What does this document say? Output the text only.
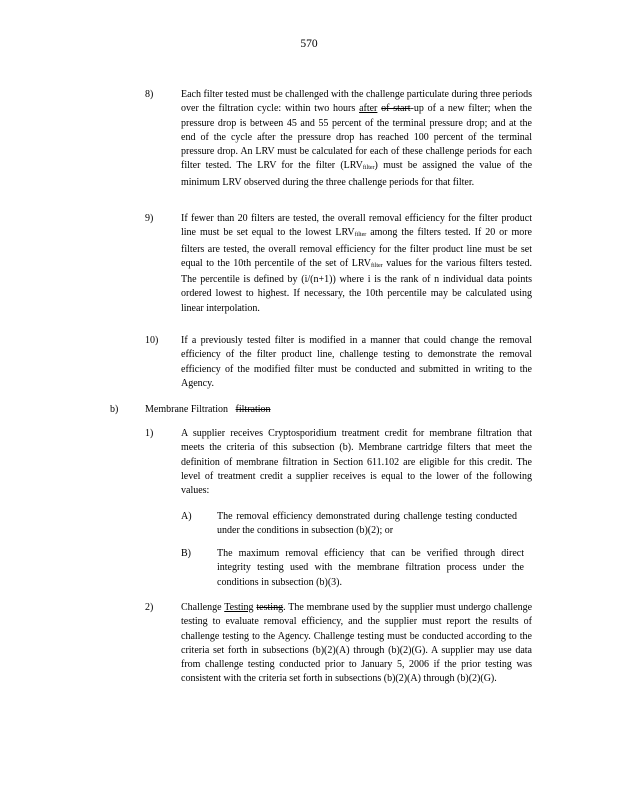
570
8)	Each filter tested must be challenged with the challenge particulate during three periods over the filtration cycle: within two hours after of start-up of a new filter; when the pressure drop is between 45 and 55 percent of the terminal pressure drop; and at the end of the cycle after the pressure drop has reached 100 percent of the terminal pressure drop. An LRV must be calculated for each of these challenge periods for each filter tested. The LRV for the filter (LRVfilter) must be assigned the value of the minimum LRV observed during the three challenge periods for that filter.
9)	If fewer than 20 filters are tested, the overall removal efficiency for the filter product line must be set equal to the lowest LRVfilter among the filters tested. If 20 or more filters are tested, the overall removal efficiency for the filter product line must be set equal to the 10th percentile of the set of LRVfilter values for the various filters tested. The percentile is defined by (i/(n+1)) where i is the rank of n individual data points ordered lowest to highest. If necessary, the 10th percentile may be calculated using linear interpolation.
10) If a previously tested filter is modified in a manner that could change the removal efficiency of the filter product line, challenge testing to demonstrate the removal efficiency of the modified filter must be conducted and submitted in writing to the Agency.
b)	Membrane Filtration filtration
1)	A supplier receives Cryptosporidium treatment credit for membrane filtration that meets the criteria of this subsection (b). Membrane cartridge filters that meet the definition of membrane filtration in Section 611.102 are eligible for this credit. The level of treatment credit a supplier receives is equal to the lower of the following values:
A)	The removal efficiency demonstrated during challenge testing conducted under the conditions in subsection (b)(2); or
B)	The maximum removal efficiency that can be verified through direct integrity testing used with the membrane filtration process under the conditions in subsection (b)(3).
2)	Challenge Testing testing. The membrane used by the supplier must undergo challenge testing to evaluate removal efficiency, and the supplier must report the results of challenge testing to the Agency. Challenge testing must be conducted according to the criteria set forth in subsections (b)(2)(A) through (b)(2)(G). A supplier may use data from challenge testing conducted prior to January 5, 2006 if the prior testing was consistent with the criteria set forth in subsections (b)(2)(A) through (b)(2)(G).
